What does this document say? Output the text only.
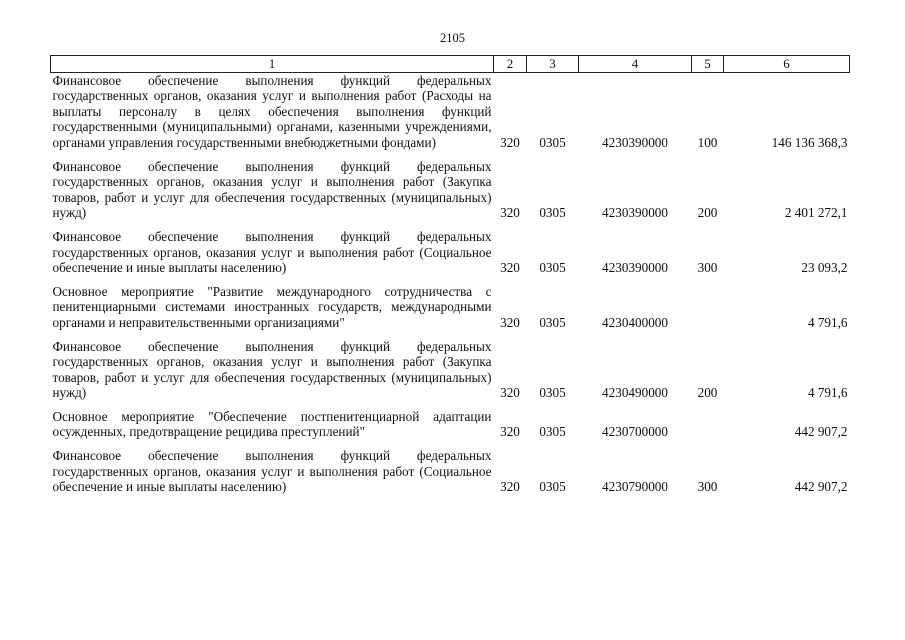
2105
1	2	3	4	5	6
Финансовое обеспечение выполнения функций федеральных государственных органов, оказания услуг и выполнения работ (Расходы на выплаты персоналу в целях обеспечения выполнения функций государственными (муниципальными) органами, казенными учреждениями, органами управления государственными внебюджетными фондами)	320	0305	4230390000	100	146 136 368,3
Финансовое обеспечение выполнения функций федеральных государственных органов, оказания услуг и выполнения работ (Закупка товаров, работ и услуг для обеспечения государственных (муниципальных) нужд)	320	0305	4230390000	200	2 401 272,1
Финансовое обеспечение выполнения функций федеральных государственных органов, оказания услуг и выполнения работ (Социальное обеспечение и иные выплаты населению)	320	0305	4230390000	300	23 093,2
Основное мероприятие "Развитие международного сотрудничества с пенитенциарными системами иностранных государств, международными органами и неправительственными организациями"	320	0305	4230400000		4 791,6
Финансовое обеспечение выполнения функций федеральных государственных органов, оказания услуг и выполнения работ (Закупка товаров, работ и услуг для обеспечения государственных (муниципальных) нужд)	320	0305	4230490000	200	4 791,6
Основное мероприятие "Обеспечение постпенитенциарной адаптации осужденных, предотвращение рецидива преступлений"	320	0305	4230700000		442 907,2
Финансовое обеспечение выполнения функций федеральных государственных органов, оказания услуг и выполнения работ (Социальное обеспечение и иные выплаты населению)	320	0305	4230790000	300	442 907,2
